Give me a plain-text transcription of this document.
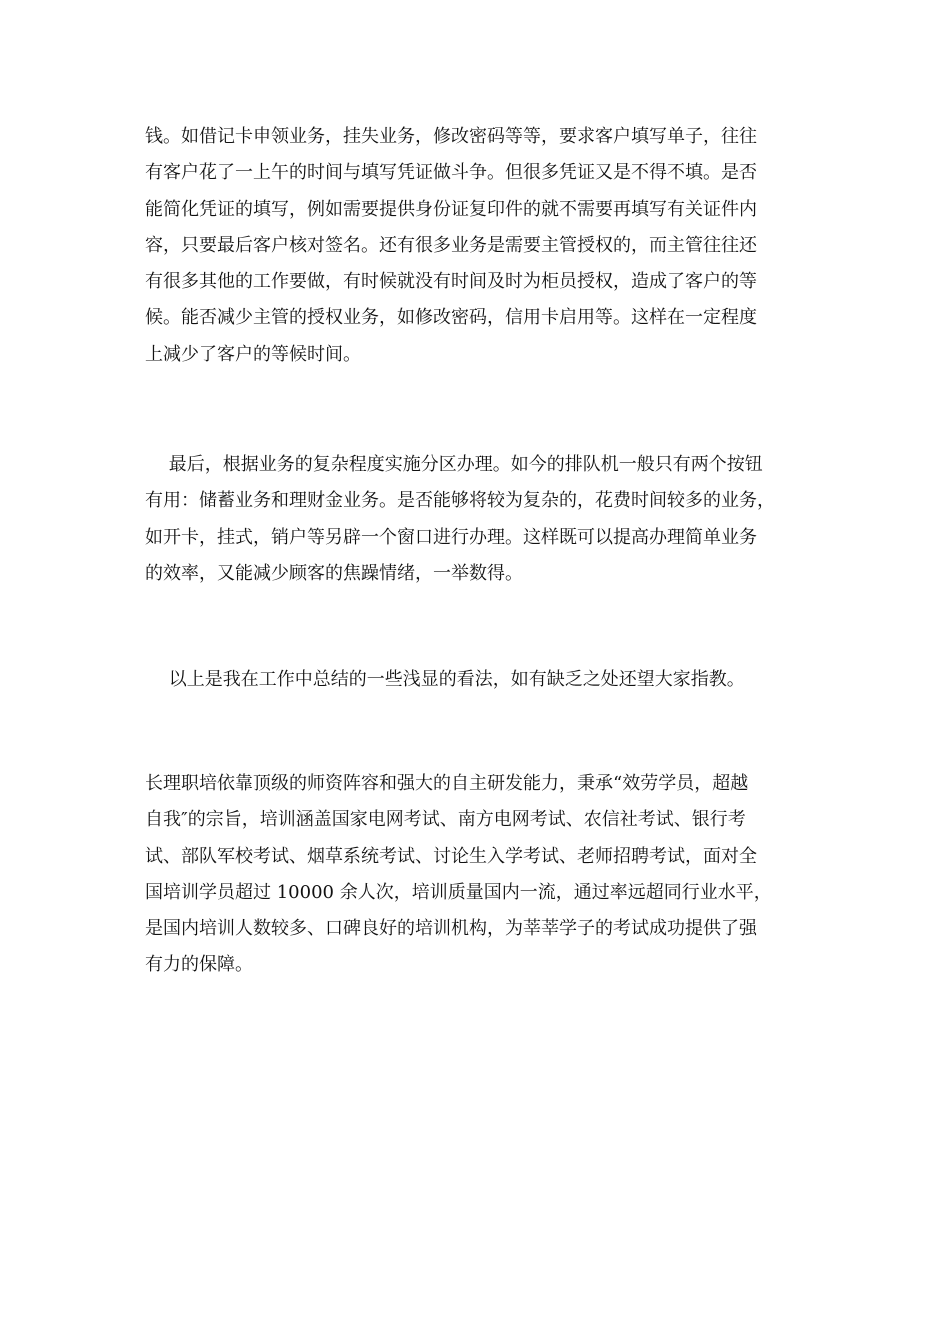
钱。如借记卡申领业务，挂失业务，修改密码等等，要求客户填写单子，往往
有客户花了一上午的时间与填写凭证做斗争。但很多凭证又是不得不填。是否
能简化凭证的填写，例如需要提供身份证复印件的就不需要再填写有关证件内
容，只要最后客户核对签名。还有很多业务是需要主管授权的，而主管往往还
有很多其他的工作要做，有时候就没有时间及时为柜员授权，造成了客户的等
候。能否减少主管的授权业务，如修改密码，信用卡启用等。这样在一定程度
上减少了客户的等候时间。

　 最后，根据业务的复杂程度实施分区办理。如今的排队机一般只有两个按钮
有用：储蓄业务和理财金业务。是否能够将较为复杂的，花费时间较多的业务，
如开卡，挂式，销户等另辟一个窗口进行办理。这样既可以提高办理简单业务
的效率，又能减少顾客的焦躁情绪，一举数得。

　 以上是我在工作中总结的一些浅显的看法，如有缺乏之处还望大家指教。

长理职培依靠顶级的师资阵容和强大的自主研发能力，秉承“效劳学员，超越
自我″的宗旨，培训涵盖国家电网考试、南方电网考试、农信社考试、银行考
试、部队军校考试、烟草系统考试、讨论生入学考试、老师招聘考试，面对全
国培训学员超过 10000 余人次，培训质量国内一流，通过率远超同行业水平，
是国内培训人数较多、口碑良好的培训机构，为莘莘学子的考试成功提供了强
有力的保障。
